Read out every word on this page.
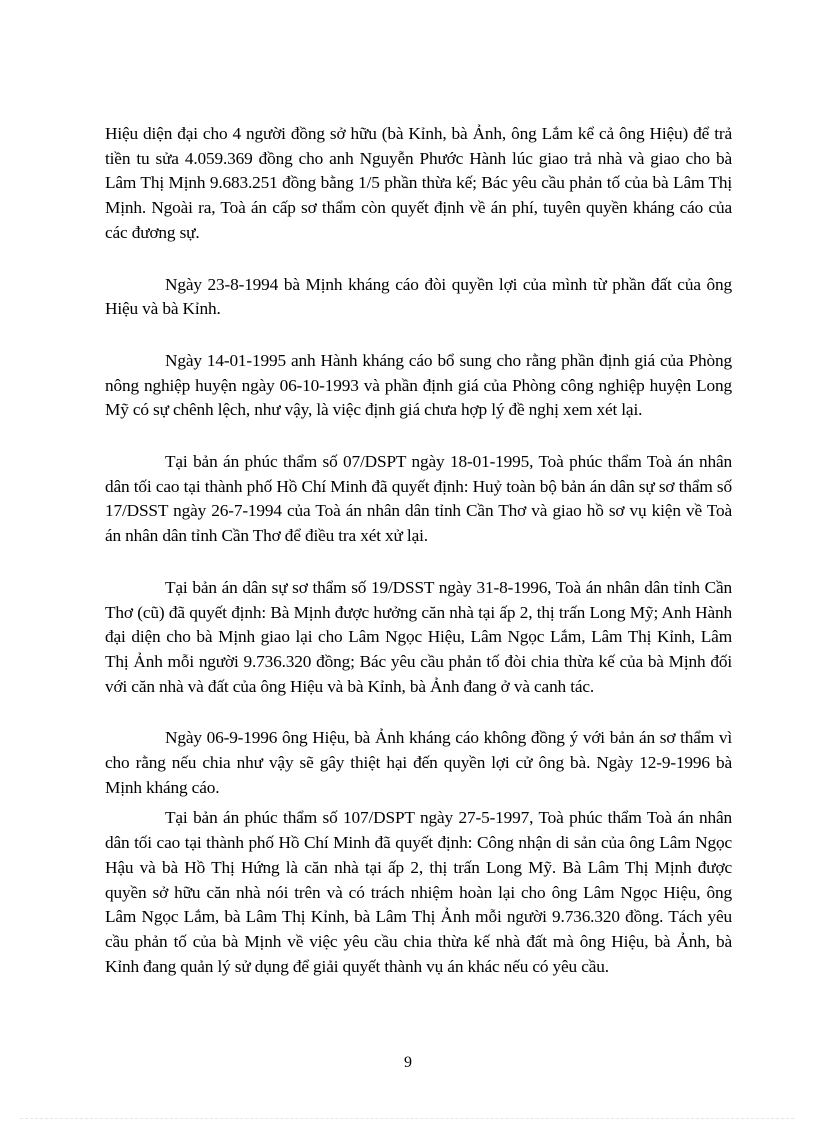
Hiệu diện đại cho 4 người đồng sở hữu (bà Kỉnh, bà Ảnh, ông Lắm kể cả ông Hiệu) để trả tiền tu sửa 4.059.369 đồng cho anh Nguyễn Phước Hành lúc giao trả nhà và giao cho bà Lâm Thị Mịnh 9.683.251 đồng bằng 1/5 phần thừa kế; Bác yêu cầu phản tố của bà Lâm Thị Mịnh. Ngoài ra, Toà án cấp sơ thẩm còn quyết định về án phí, tuyên quyền kháng cáo của các đương sự.

Ngày 23-8-1994 bà Mịnh kháng cáo đòi quyền lợi của mình từ phần đất của ông Hiệu và bà Kỉnh.

Ngày 14-01-1995 anh Hành kháng cáo bổ sung cho rằng phần định giá của Phòng nông nghiệp huyện ngày 06-10-1993 và phần định giá của Phòng công nghiệp huyện Long Mỹ có sự chênh lệch, như vậy, là việc định giá chưa hợp lý đề nghị xem xét lại.

Tại bản án phúc thẩm số 07/DSPT ngày 18-01-1995, Toà phúc thẩm Toà án nhân dân tối cao tại thành phố Hồ Chí Minh đã quyết định: Huỷ toàn bộ bản án dân sự sơ thẩm số 17/DSST ngày 26-7-1994 của Toà án nhân dân tỉnh Cần Thơ và giao hồ sơ vụ kiện về Toà án nhân dân tỉnh Cần Thơ để điều tra xét xử lại.

Tại bản án dân sự sơ thẩm số 19/DSST ngày 31-8-1996, Toà án nhân dân tỉnh Cần Thơ (cũ) đã quyết định: Bà Mịnh được hưởng căn nhà tại ấp 2, thị trấn Long Mỹ; Anh Hành đại diện cho bà Mịnh giao lại cho Lâm Ngọc Hiệu, Lâm Ngọc Lắm, Lâm Thị Kỉnh, Lâm Thị Ảnh mỗi người 9.736.320 đồng; Bác yêu cầu phản tố đòi chia thừa kế của bà Mịnh đối với căn nhà và đất của ông Hiệu và bà Kỉnh, bà Ảnh đang ở và canh tác.

Ngày 06-9-1996 ông Hiệu, bà Ảnh kháng cáo không đồng ý với bản án sơ thẩm vì cho rằng nếu chia như vậy sẽ gây thiệt hại đến quyền lợi cử ông bà. Ngày 12-9-1996 bà Mịnh kháng cáo.

Tại bản án phúc thẩm số 107/DSPT ngày 27-5-1997, Toà phúc thẩm Toà án nhân dân tối cao tại thành phố Hồ Chí Minh đã quyết định: Công nhận di sản của ông Lâm Ngọc Hậu và bà Hồ Thị Hứng là căn nhà tại ấp 2, thị trấn Long Mỹ. Bà Lâm Thị Mịnh được quyền sở hữu căn nhà nói trên và có trách nhiệm hoàn lại cho ông Lâm Ngọc Hiệu, ông Lâm Ngọc Lắm, bà Lâm Thị Kỉnh, bà Lâm Thị Ảnh mỗi người 9.736.320 đồng. Tách yêu cầu phản tố của bà Mịnh về việc yêu cầu chia thừa kế nhà đất mà ông Hiệu, bà Ảnh, bà Kỉnh đang quản lý sử dụng để giải quyết thành vụ án khác nếu có yêu cầu.

9
